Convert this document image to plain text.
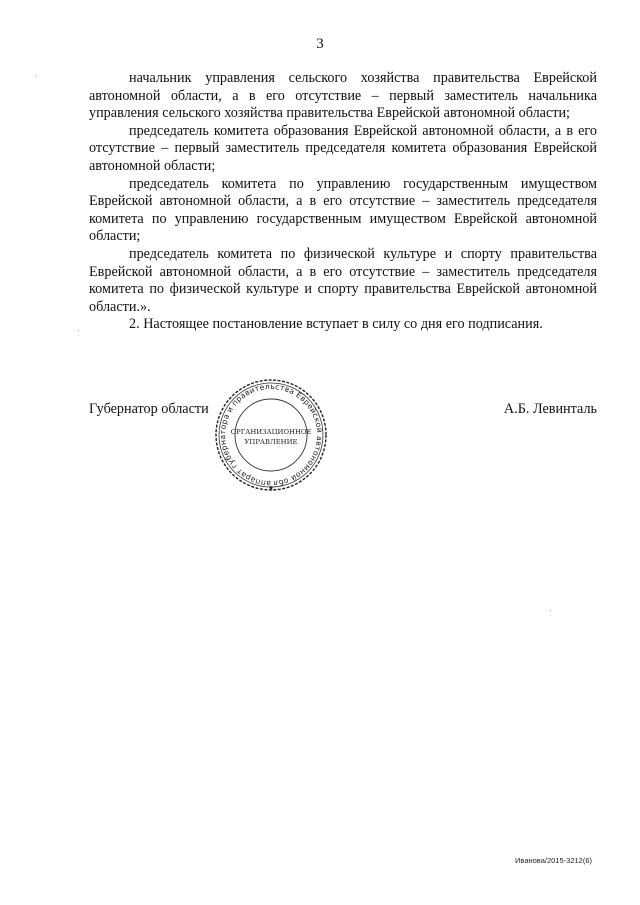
3

начальник управления сельского хозяйства правительства Еврейской автономной области, а в его отсутствие – первый заместитель начальника управления сельского хозяйства правительства Еврейской автономной области;

председатель комитета образования Еврейской автономной области, а в его отсутствие – первый заместитель председателя комитета образования Еврейской автономной области;

председатель комитета по управлению государственным имуществом Еврейской автономной области, а в его отсутствие – заместитель председателя комитета по управлению государственным имуществом Еврейской автономной области;

председатель комитета по физической культуре и спорту правительства Еврейской автономной области, а в его отсутствие – заместитель председателя комитета по физической культуре и спорту правительства Еврейской автономной области.».

2. Настоящее постановление вступает в силу со дня его подписания.

Губернатор области	А.Б. Левинталь
аппарат губернатора и правительства Еврейской автономной обл
ОРГАНИЗАЦИОННОЕ
УПРАВЛЕНИЕ
★
Иванова/2015-3212(6)
